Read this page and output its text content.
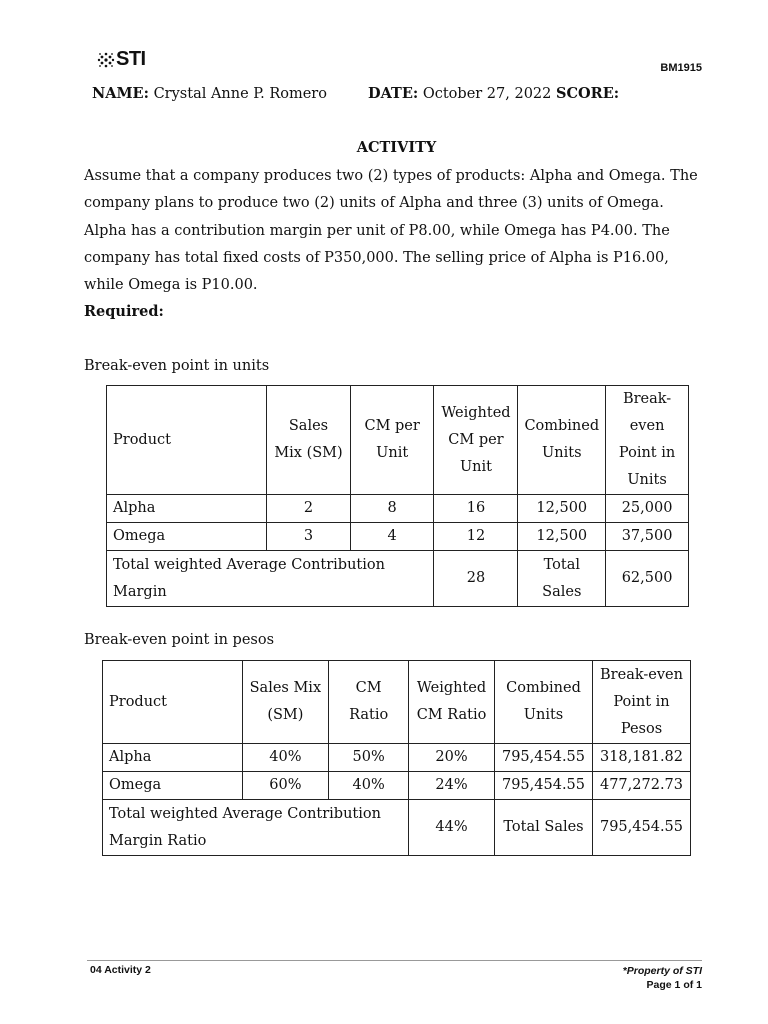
STI	BM1915
NAME: Crystal Anne P. Romero	DATE: October 27, 2022 SCORE:
ACTIVITY

Assume that a company produces two (2) types of products: Alpha and Omega. The

company plans to produce two (2) units of Alpha and three (3) units of Omega.

Alpha has a contribution margin per unit of P8.00, while Omega has P4.00. The

company has total fixed costs of P350,000. The selling price of Alpha is P16.00,

while Omega is P10.00.

Required:
Break-even point in units
Product	Sales Mix (SM)	CM per Unit	Weighted CM per Unit	Combined Units	Break-even Point in Units
Alpha	2	8	16	12,500	25,000
Omega	3	4	12	12,500	37,500
Total weighted Average Contribution Margin			28	Total Sales	62,500
Break-even point in pesos
Product	Sales Mix (SM)	CM Ratio	Weighted CM Ratio	Combined Units	Break-even Point in Pesos
Alpha	40%	50%	20%	795,454.55	318,181.82
Omega	60%	40%	24%	795,454.55	477,272.73
Total weighted Average Contribution Margin Ratio			44%	Total Sales	795,454.55
04 Activity 2	*Property of STI
Page 1 of 1
